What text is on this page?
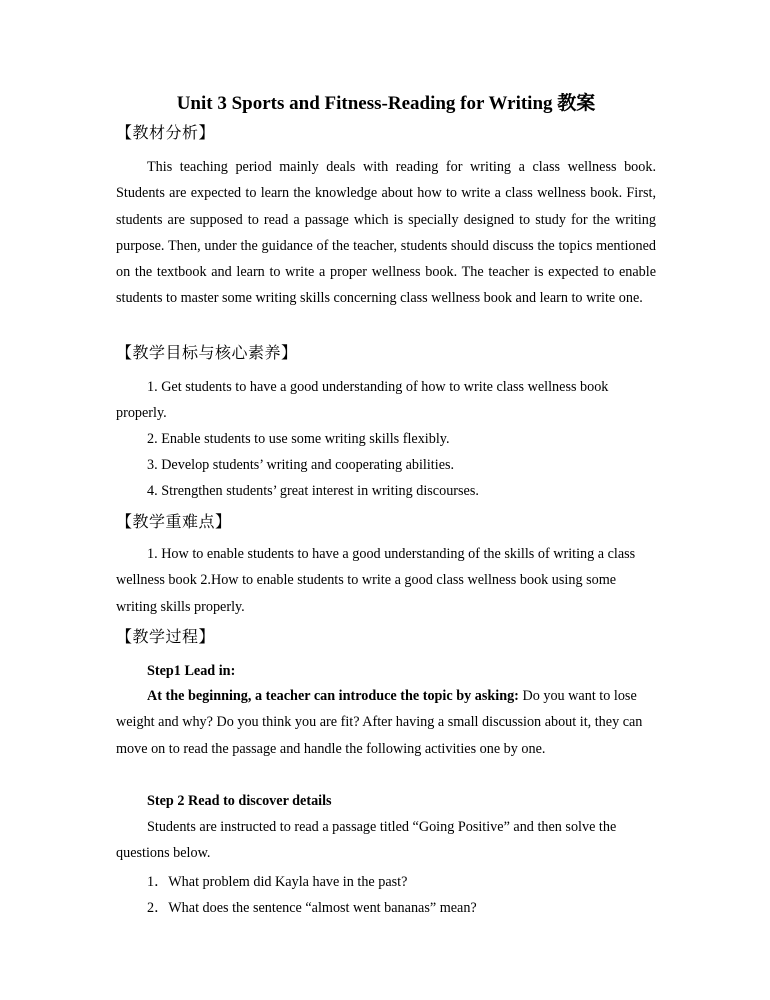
Unit 3 Sports and Fitness-Reading for Writing 教案
【教材分析】
This teaching period mainly deals with reading for writing a class wellness book. Students are expected to learn the knowledge about how to write a class wellness book. First, students are supposed to read a passage which is specially designed to study for the writing purpose. Then, under the guidance of the teacher, students should discuss the topics mentioned on the textbook and learn to write a proper wellness book. The teacher is expected to enable students to master some writing skills concerning class wellness book and learn to write one.
【教学目标与核心素养】
1. Get students to have a good understanding of how to write class wellness book properly.
2. Enable students to use some writing skills flexibly.
3. Develop students’ writing and cooperating abilities.
4. Strengthen students’ great interest in writing discourses.
【教学重难点】
1. How to enable students to have a good understanding of the skills of writing a class wellness book 2.How to enable students to write a good class wellness book using some writing skills properly.
【教学过程】
Step1 Lead in:
At the beginning, a teacher can introduce the topic by asking: Do you want to lose weight and why? Do you think you are fit? After having a small discussion about it, they can move on to read the passage and handle the following activities one by one.
Step 2 Read to discover details
Students are instructed to read a passage titled “Going Positive” and then solve the questions below.
1．What problem did Kayla have in the past?
2．What does the sentence “almost went bananas” mean?
